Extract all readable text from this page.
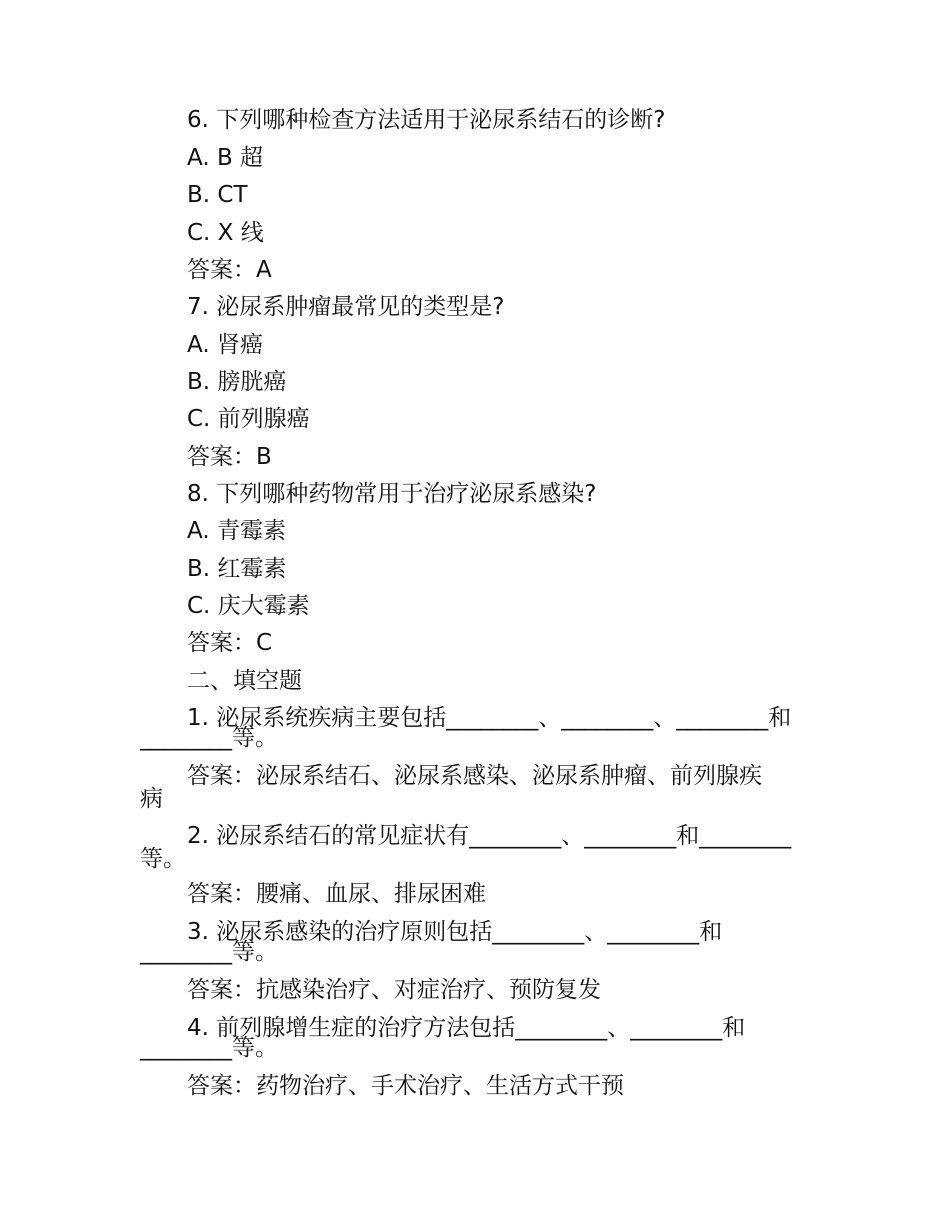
6. 下列哪种检查方法适用于泌尿系结石的诊断?
A. B 超
B. CT
C. X 线
答案：A
7. 泌尿系肿瘤最常见的类型是?
A. 肾癌
B. 膀胱癌
C. 前列腺癌
答案：B
8. 下列哪种药物常用于治疗泌尿系感染?
A. 青霉素
B. 红霉素
C. 庆大霉素
答案：C
二、填空题
1. 泌尿系统疾病主要包括________、________、________和
________等。
答案：泌尿系结石、泌尿系感染、泌尿系肿瘤、前列腺疾
病
2. 泌尿系结石的常见症状有________、________和________
等。
答案：腰痛、血尿、排尿困难
3. 泌尿系感染的治疗原则包括________、________和
________等。
答案：抗感染治疗、对症治疗、预防复发
4. 前列腺增生症的治疗方法包括________、________和
________等。
答案：药物治疗、手术治疗、生活方式干预
